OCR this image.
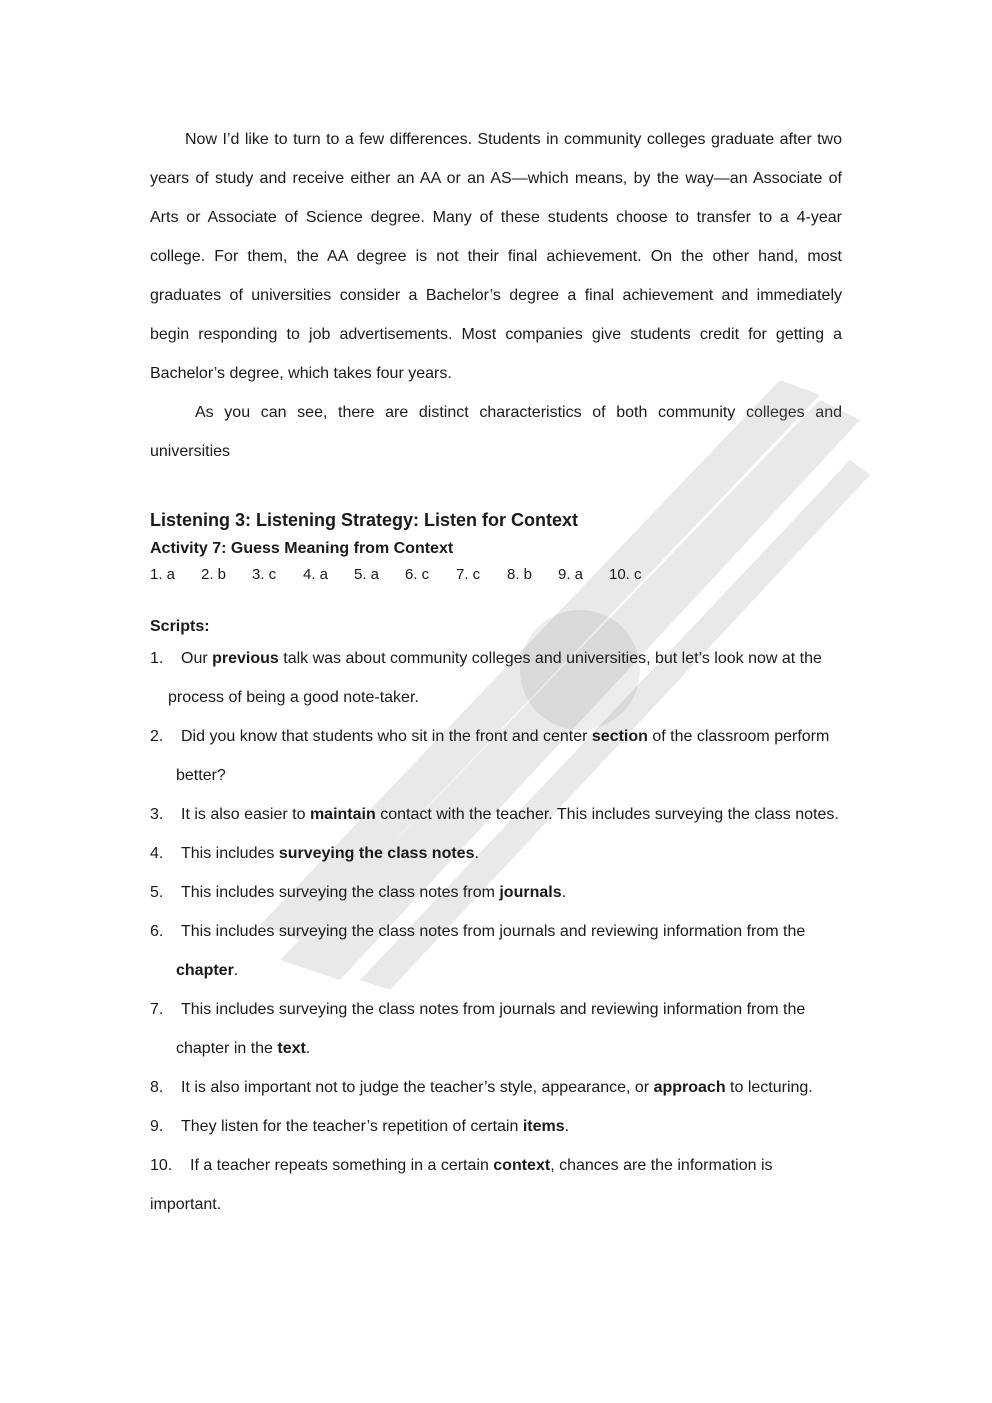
Now I’d like to turn to a few differences. Students in community colleges graduate after two years of study and receive either an AA or an AS—which means, by the way—an Associate of Arts or Associate of Science degree. Many of these students choose to transfer to a 4-year college. For them, the AA degree is not their final achievement. On the other hand, most graduates of universities consider a Bachelor’s degree a final achievement and immediately begin responding to job advertisements. Most companies give students credit for getting a Bachelor’s degree, which takes four years.

As you can see, there are distinct characteristics of both community colleges and universities

Listening 3: Listening Strategy: Listen for Context

Activity 7: Guess Meaning from Context

1. a	2. b	3. c	4. a	5. a	6. c	7. c	8. b	9. a	10. c

Scripts:

1. Our previous talk was about community colleges and universities, but let’s look now at the
process of being a good note-taker.
2. Did you know that students who sit in the front and center section of the classroom perform
better?
3. It is also easier to maintain contact with the teacher. This includes surveying the class notes.
4. This includes surveying the class notes.
5. This includes surveying the class notes from journals.
6. This includes surveying the class notes from journals and reviewing information from the
chapter.
7. This includes surveying the class notes from journals and reviewing information from the
chapter in the text.
8. It is also important not to judge the teacher’s style, appearance, or approach to lecturing.
9. They listen for the teacher’s repetition of certain items.
10. If a teacher repeats something in a certain context, chances are the information is
important.
